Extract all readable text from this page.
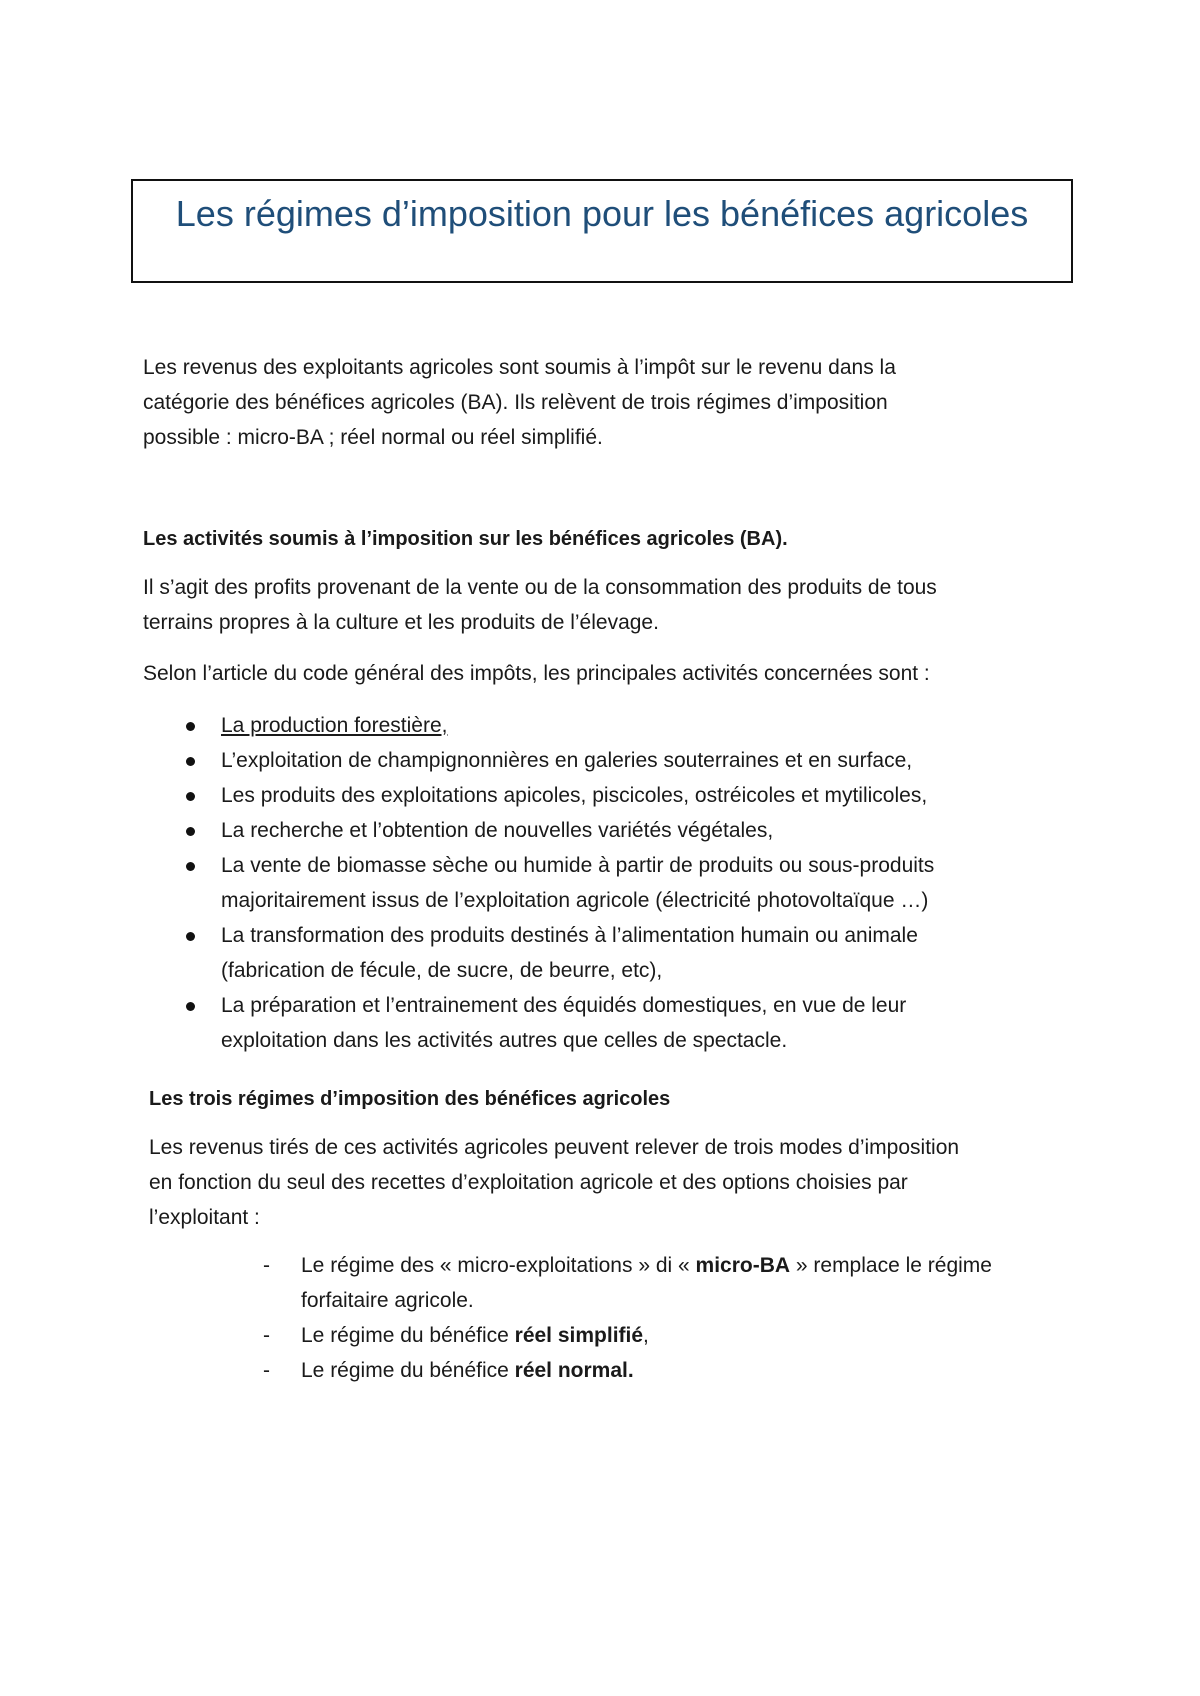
Les régimes d’imposition pour les bénéfices agricoles

Les revenus des exploitants agricoles sont soumis à l’impôt sur le revenu dans la
catégorie des bénéfices agricoles (BA). Ils relèvent de trois régimes d’imposition
possible : micro-BA ; réel normal ou réel simplifié.

Les activités soumis à l’imposition sur les bénéfices agricoles (BA).

Il s’agit des profits provenant de la vente ou de la consommation des produits de tous
terrains propres à la culture et les produits de l’élevage.

Selon l’article du code général des impôts, les principales activités concernées sont :

La production forestière,
L’exploitation de champignonnières en galeries souterraines et en surface,
Les produits des exploitations apicoles, piscicoles, ostréicoles et mytilicoles,
La recherche et l’obtention de nouvelles variétés végétales,
La vente de biomasse sèche ou humide à partir de produits ou sous-produits
majoritairement issus de l’exploitation agricole (électricité photovoltaïque …)
La transformation des produits destinés à l’alimentation humain ou animale
(fabrication de fécule, de sucre, de beurre, etc),
La préparation et l’entrainement des équidés domestiques, en vue de leur
exploitation dans les activités autres que celles de spectacle.

Les trois régimes d’imposition des bénéfices agricoles

Les revenus tirés de ces activités agricoles peuvent relever de trois modes d’imposition
en fonction du seul des recettes d’exploitation agricole et des options choisies par
l’exploitant :

- Le régime des « micro-exploitations » di « micro-BA » remplace le régime
forfaitaire agricole.
- Le régime du bénéfice réel simplifié,
- Le régime du bénéfice réel normal.
